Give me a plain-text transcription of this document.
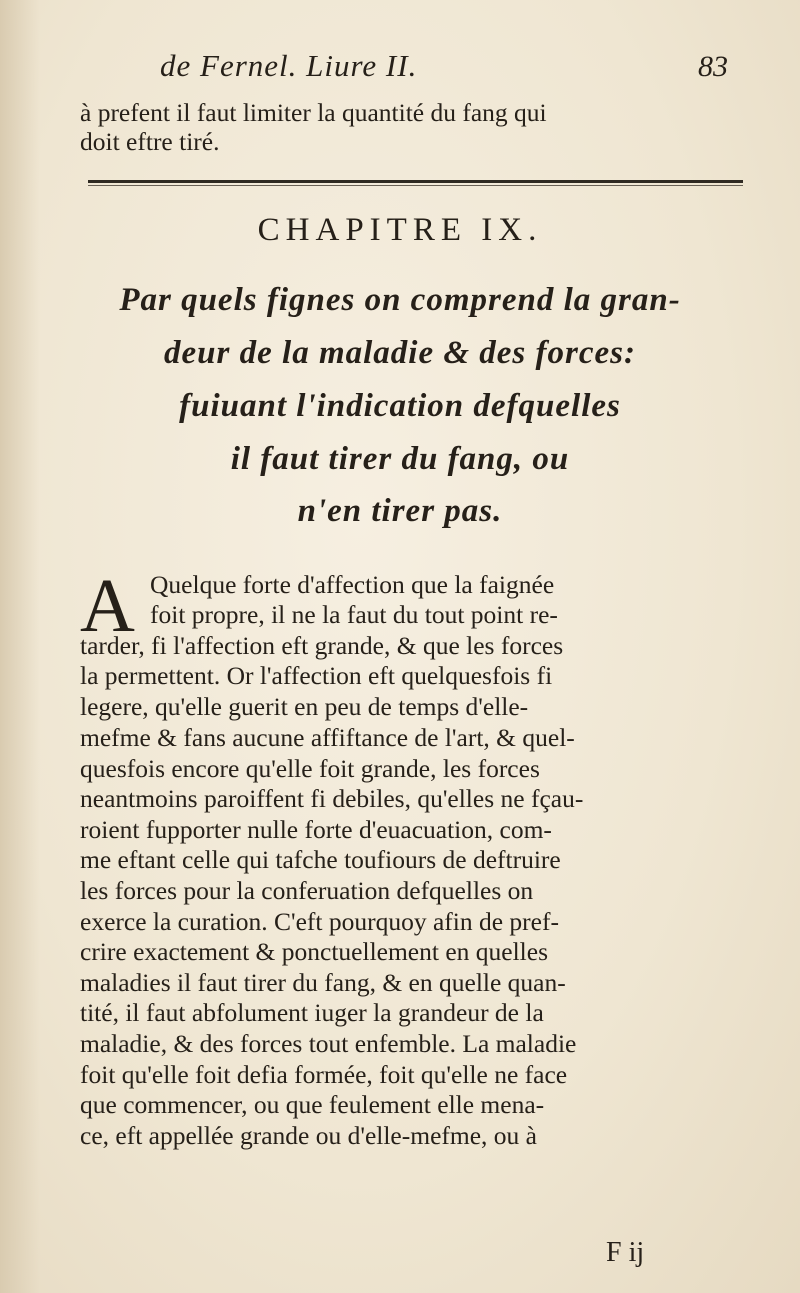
de Fernel. Liure II.	83
à prefent il faut limiter la quantité du fang qui
doit eftre tiré.
CHAPITRE IX.
Par quels fignes on comprend la gran-
deur de la maladie & des forces:
fuiuant l'indication defquelles
il faut tirer du fang, ou
n'en tirer pas.
A Quelque forte d'affection que la faignée
foit propre, il ne la faut du tout point re-
tarder, fi l'affection eft grande, & que les forces
la permettent. Or l'affection eft quelquesfois fi
legere, qu'elle guerit en peu de temps d'elle-
mefme & fans aucune affiftance de l'art, & quel-
quesfois encore qu'elle foit grande, les forces
neantmoins paroiffent fi debiles, qu'elles ne fçau-
roient fupporter nulle forte d'euacuation, com-
me eftant celle qui tafche toufiours de deftruire
les forces pour la conferuation defquelles on
exerce la curation. C'eft pourquoy afin de pref-
crire exactement & ponctuellement en quelles
maladies il faut tirer du fang, & en quelle quan-
tité, il faut abfolument iuger la grandeur de la
maladie, & des forces tout enfemble. La maladie
foit qu'elle foit defia formée, foit qu'elle ne face
que commencer, ou que feulement elle mena-
ce, eft appellée grande ou d'elle-mefme, ou à
F ij
